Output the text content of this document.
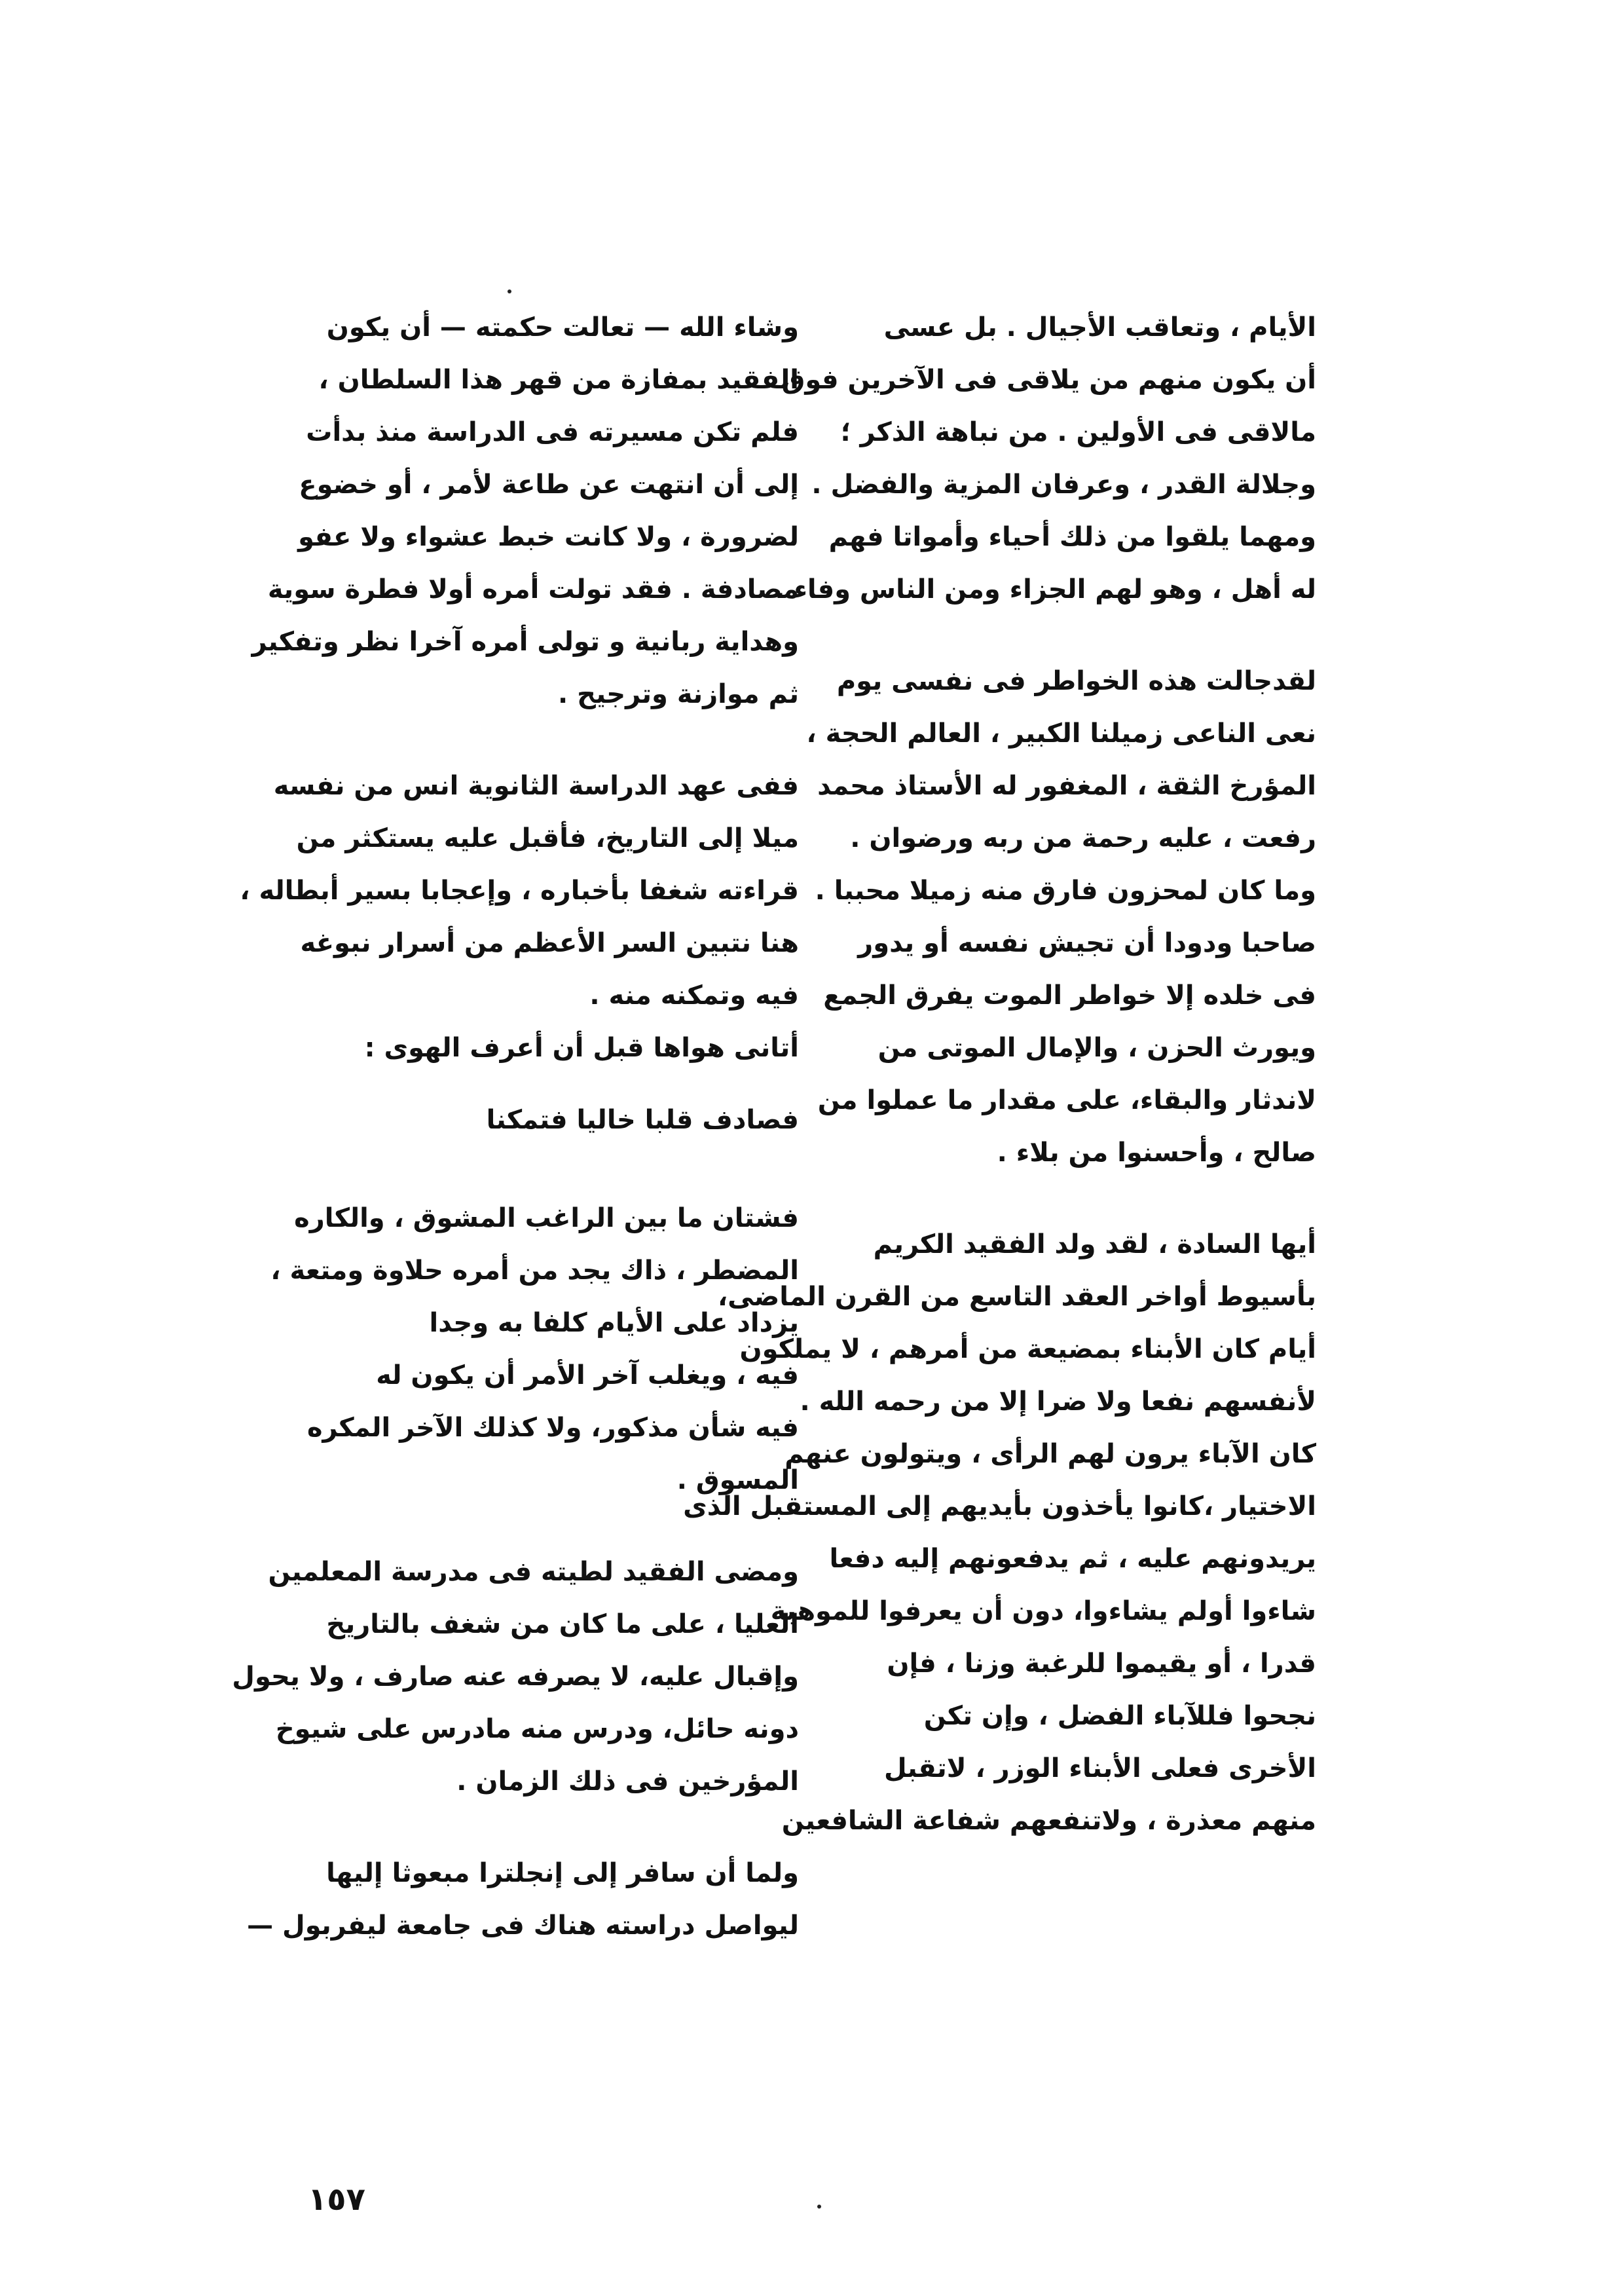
الأيام ، وتعاقب الأجيال . بل عسى
أن يكون منهم من يلاقى فى الآخرين فوق
مالاقى فى الأولين . من نباهة الذكر ؛
وجلالة القدر ، وعرفان المزية والفضل .
ومهما يلقوا من ذلك أحياء وأمواتا فهم
له أهل ، وهو لهم الجزاء ومن الناس وفاء .

لقدجالت هذه الخواطر فى نفسى يوم
نعى الناعى زميلنا الكبير ، العالم الحجة ،
المؤرخ الثقة ، المغفور له الأستاذ محمد
رفعت ، عليه رحمة من ربه ورضوان .
وما كان لمحزون فارق منه زميلا محببا .
صاحبا ودودا أن تجيش نفسه أو يدور
فى خلده إلا خواطر الموت يفرق الجمع
ويورث الحزن ، والإمال الموتى من
لاندثار والبقاء، على مقدار ما عملوا من
صالح ، وأحسنوا من بلاء .

أيها السادة ، لقد ولد الفقيد الكريم
بأسيوط أواخر العقد التاسع من القرن الماضى،
أيام كان الأبناء بمضيعة من أمرهم ، لا يملكون
لأنفسهم نفعا ولا ضرا إلا من رحمه الله .
كان الآباء يرون لهم الرأى ، ويتولون عنهم
الاختيار ،كانوا يأخذون بأيديهم إلى المستقبل الذى
يريدونهم عليه ، ثم يدفعونهم إليه دفعا
شاءوا أولم يشاءوا، دون أن يعرفوا للموهبة
قدرا ، أو يقيموا للرغبة وزنا ، فإن
نجحوا فللآباء الفضل ، وإن تكن
الأخرى فعلى الأبناء الوزر ، لاتقبل
منهم معذرة ، ولاتنفعهم شفاعة الشافعين

وشاء الله — تعالت حكمته — أن يكون
الفقيد بمفازة من قهر هذا السلطان ،
فلم تكن مسيرته فى الدراسة منذ بدأت
إلى أن انتهت عن طاعة لأمر ، أو خضوع
لضرورة ، ولا كانت خبط عشواء ولا عفو
مصادفة . فقد تولت أمره أولا فطرة سوية
وهداية ربانية و تولى أمره آخرا نظر وتفكير
ثم موازنة وترجيح .

ففى عهد الدراسة الثانوية انس من نفسه
ميلا إلى التاريخ، فأقبل عليه يستكثر من
قراءته شغفا بأخباره ، وإعجابا بسير أبطاله ،
هنا نتبين السر الأعظم من أسرار نبوغه
فيه وتمكنه منه .
أتانى هواها قبل أن أعرف الهوى :

فصادف قلبا خاليا فتمكنا

فشتان ما بين الراغب المشوق ، والكاره
المضطر ، ذاك يجد من أمره حلاوة ومتعة ،
يزداد على الأيام كلفا به وجدا
فيه ، ويغلب آخر الأمر أن يكون له
فيه شأن مذكور، ولا كذلك الآخر المكره
المسوق .

ومضى الفقيد لطيته فى مدرسة المعلمين
العليا ، على ما كان من شغف بالتاريخ
وإقبال عليه، لا يصرفه عنه صارف ، ولا يحول
دونه حائل، ودرس منه مادرس على شيوخ
المؤرخين فى ذلك الزمان .

ولما أن سافر إلى إنجلترا مبعوثا إليها
ليواصل دراسته هناك فى جامعة ليفربول —

١٥٧
